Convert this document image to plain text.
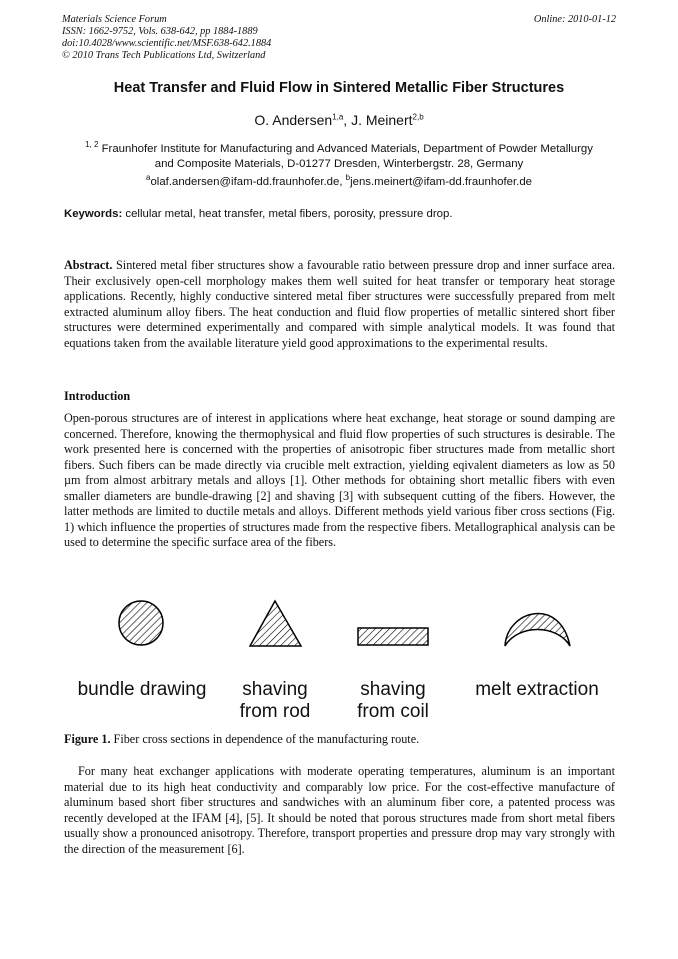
Materials Science Forum
ISSN: 1662-9752, Vols. 638-642, pp 1884-1889
doi:10.4028/www.scientific.net/MSF.638-642.1884
© 2010 Trans Tech Publications Ltd, Switzerland
Online: 2010-01-12
Heat Transfer and Fluid Flow in Sintered Metallic Fiber Structures
O. Andersen$^{1,a}$, J. Meinert$^{2,b}$
$^{1, 2}$ Fraunhofer Institute for Manufacturing and Advanced Materials, Department of Powder Metallurgy
and Composite Materials, D-01277 Dresden, Winterbergstr. 28, Germany
$^a$olaf.andersen@ifam-dd.fraunhofer.de, $^b$jens.meinert@ifam-dd.fraunhofer.de
Keywords: cellular metal, heat transfer, metal fibers, porosity, pressure drop.
Abstract. Sintered metal fiber structures show a favourable ratio between pressure drop and inner surface area. Their exclusively open-cell morphology makes them well suited for heat transfer or temporary heat storage applications. Recently, highly conductive sintered metal fiber structures were successfully prepared from melt extracted aluminum alloy fibers. The heat conduction and fluid flow properties of metallic sintered short fiber structures were determined experimentally and compared with simple analytical models. It was found that equations taken from the available literature yield good approximations to the experimental results.
Introduction
Open-porous structures are of interest in applications where heat exchange, heat storage or sound damping are concerned. Therefore, knowing the thermophysical and fluid flow properties of such structures is desirable. The work presented here is concerned with the properties of anisotropic fiber structures made from metallic short fibers. Such fibers can be made directly via crucible melt extraction, yielding eqivalent diameters as low as 50 µm from almost arbitrary metals and alloys [1]. Other methods for obtaining short metallic fibers with even smaller diameters are bundle-drawing [2] and shaving [3] with subsequent cutting of the fibers. However, the latter methods are limited to ductile metals and alloys. Different methods yield various fiber cross sections (Fig. 1) which influence the properties of structures made from the respective fibers. Metallographical analysis can be used to determine the specific surface area of the fibers.
bundle drawing	shaving
from rod
shaving
from coil
melt extraction
Figure 1. Fiber cross sections in dependence of the manufacturing route.
For many heat exchanger applications with moderate operating temperatures, aluminum is an important material due to its high heat conductivity and comparably low price. For the cost-effective manufacture of aluminum based short fiber structures and sandwiches with an aluminum fiber core, a patented process was recently developed at the IFAM [4], [5]. It should be noted that porous structures made from short metal fibers usually show a pronounced anisotropy. Therefore, transport properties and pressure drop may vary strongly with the direction of the measurement [6].
